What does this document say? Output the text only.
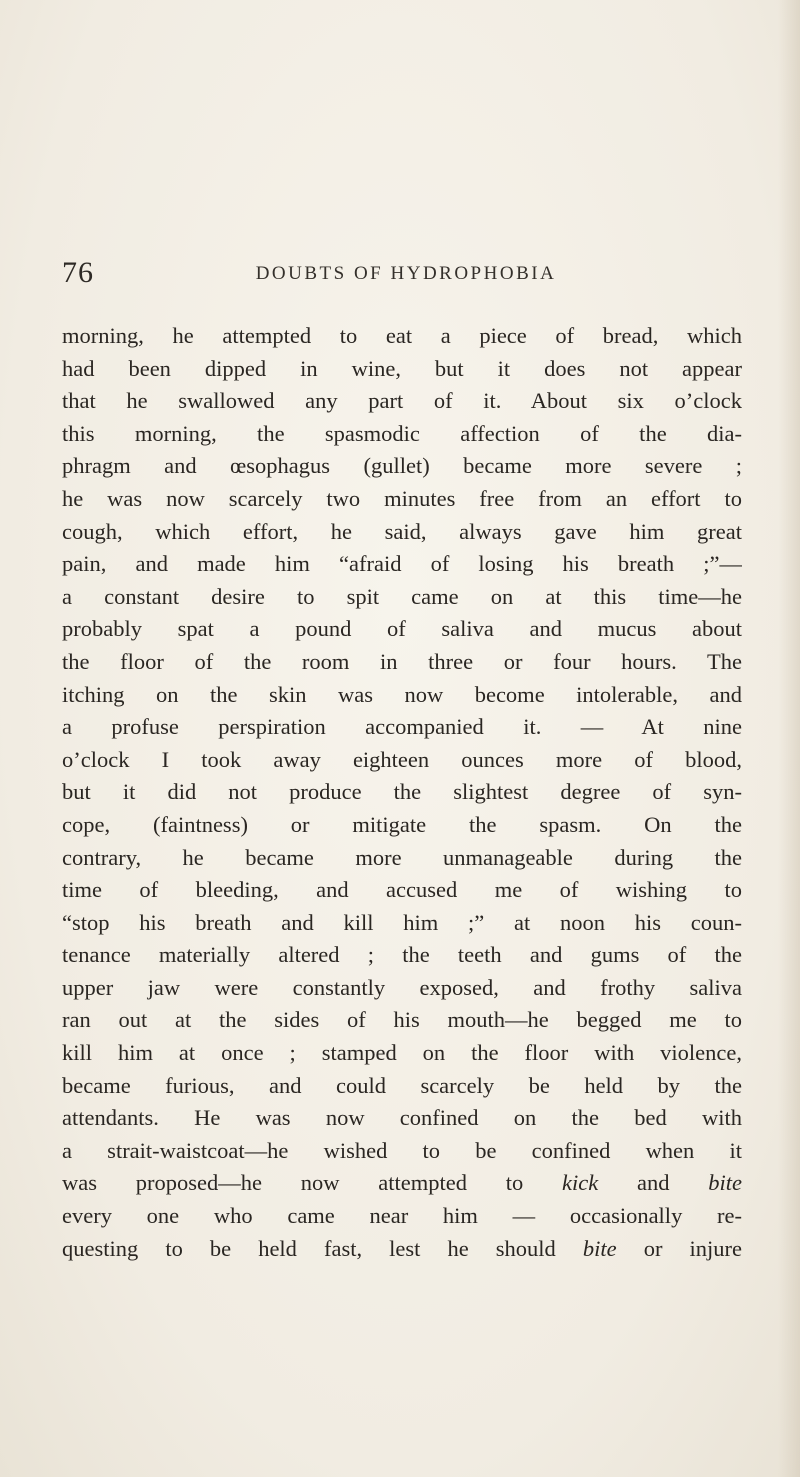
76	DOUBTS OF HYDROPHOBIA
morning, he attempted to eat a piece of bread, which
had been dipped in wine, but it does not appear
that he swallowed any part of it. About six o’clock
this morning, the spasmodic affection of the dia-
phragm and œsophagus (gullet) became more severe ;
he was now scarcely two minutes free from an effort to
cough, which effort, he said, always gave him great
pain, and made him “afraid of losing his breath ;”—
a constant desire to spit came on at this time—he
probably spat a pound of saliva and mucus about
the floor of the room in three or four hours. The
itching on the skin was now become intolerable, and
a profuse perspiration accompanied it. — At nine
o’clock I took away eighteen ounces more of blood,
but it did not produce the slightest degree of syn-
cope, (faintness) or mitigate the spasm. On the
contrary, he became more unmanageable during the
time of bleeding, and accused me of wishing to
“stop his breath and kill him ;” at noon his coun-
tenance materially altered ; the teeth and gums of the
upper jaw were constantly exposed, and frothy saliva
ran out at the sides of his mouth—he begged me to
kill him at once ; stamped on the floor with violence,
became furious, and could scarcely be held by the
attendants. He was now confined on the bed with
a strait-waistcoat—he wished to be confined when it
was proposed—he now attempted to kick and bite
every one who came near him — occasionally re-
questing to be held fast, lest he should bite or injure
